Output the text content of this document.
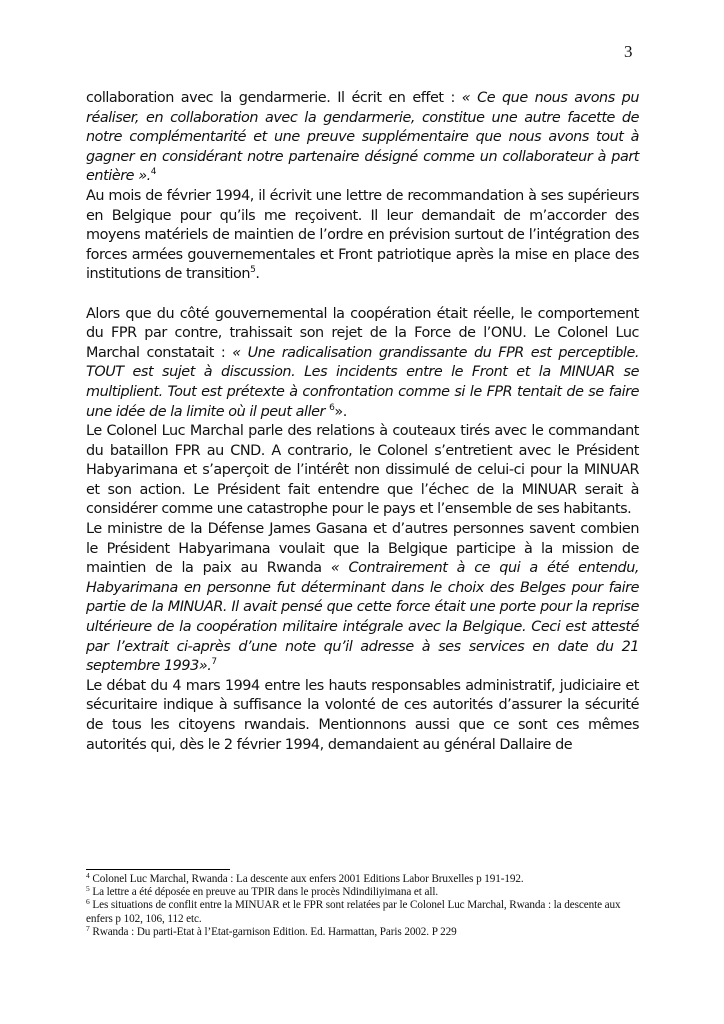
3

collaboration avec la gendarmerie. Il écrit en effet : « Ce que nous avons pu réaliser, en collaboration avec la gendarmerie, constitue une autre facette de notre complémentarité et une preuve supplémentaire que nous avons tout à gagner en considérant notre partenaire désigné comme un collaborateur à part entière ».$^4$

Au mois de février 1994, il écrivit une lettre de recommandation à ses supérieurs en Belgique pour qu’ils me reçoivent. Il leur demandait de m’accorder des moyens matériels de maintien de l’ordre en prévision surtout de l’intégration des forces armées gouvernementales et Front patriotique après la mise en place des institutions de transition$^5$.

Alors que du côté gouvernemental la coopération était réelle, le comportement du FPR par contre, trahissait son rejet de la Force de l’ONU. Le Colonel Luc Marchal constatait : « Une radicalisation grandissante du FPR est perceptible. TOUT est sujet à discussion. Les incidents entre le Front et la MINUAR se multiplient. Tout est prétexte à confrontation comme si le FPR tentait de se faire une idée de la limite où il peut aller $^6$».

Le Colonel Luc Marchal parle des relations à couteaux tirés avec le commandant du bataillon FPR au CND. A contrario, le Colonel s’entretient avec le Président Habyarimana et s’aperçoit de l’intérêt non dissimulé de celui-ci pour la MINUAR et son action. Le Président fait entendre que l’échec de la MINUAR serait à considérer comme une catastrophe pour le pays et l’ensemble de ses habitants.

Le ministre de la Défense James Gasana et d’autres personnes savent combien le Président Habyarimana voulait que la Belgique participe à la mission de maintien de la paix au Rwanda « Contrairement à ce qui a été entendu, Habyarimana en personne fut déterminant dans le choix des Belges pour faire partie de la MINUAR. Il avait pensé que cette force était une porte pour la reprise ultérieure de la coopération militaire intégrale avec la Belgique. Ceci est attesté par l’extrait ci-après d’une note qu’il adresse à ses services en date du 21 septembre 1993».$^7$

Le débat du 4 mars 1994 entre les hauts responsables administratif, judiciaire et sécuritaire indique à suffisance la volonté de ces autorités d’assurer la sécurité de tous les citoyens rwandais. Mentionnons aussi que ce sont ces mêmes autorités qui, dès le 2 février 1994, demandaient au général Dallaire de

$^4$ Colonel Luc Marchal, Rwanda : La descente aux enfers 2001 Editions Labor Bruxelles p 191-192.

$^5$ La lettre a été déposée en preuve au TPIR dans le procès Ndindiliyimana et all.

$^6$ Les situations de conflit entre la MINUAR et le FPR sont relatées par le Colonel Luc Marchal, Rwanda : la descente aux enfers p 102, 106, 112 etc.

$^7$ Rwanda : Du parti-Etat à l’Etat-garnison Edition. Ed. Harmattan, Paris 2002. P 229
